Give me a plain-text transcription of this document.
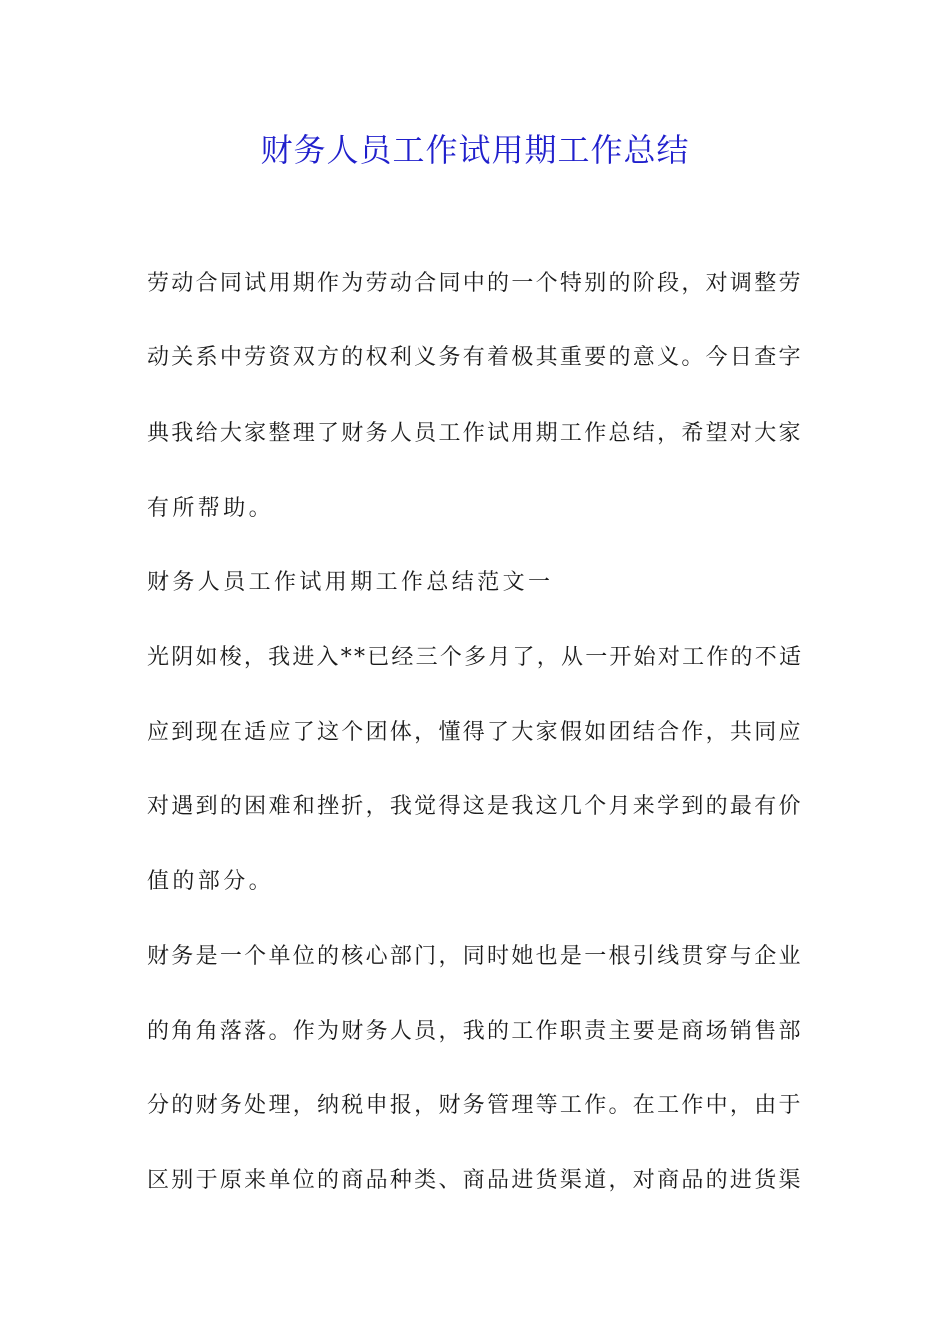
财务人员工作试用期工作总结
劳动合同试用期作为劳动合同中的一个特别的阶段，对调整劳
动关系中劳资双方的权利义务有着极其重要的意义。今日查字
典我给大家整理了财务人员工作试用期工作总结，希望对大家
有所帮助。
财务人员工作试用期工作总结范文一
光阴如梭，我进入**已经三个多月了，从一开始对工作的不适
应到现在适应了这个团体，懂得了大家假如团结合作，共同应
对遇到的困难和挫折，我觉得这是我这几个月来学到的最有价
值的部分。
财务是一个单位的核心部门，同时她也是一根引线贯穿与企业
的角角落落。作为财务人员，我的工作职责主要是商场销售部
分的财务处理，纳税申报，财务管理等工作。在工作中，由于
区别于原来单位的商品种类、商品进货渠道，对商品的进货渠
